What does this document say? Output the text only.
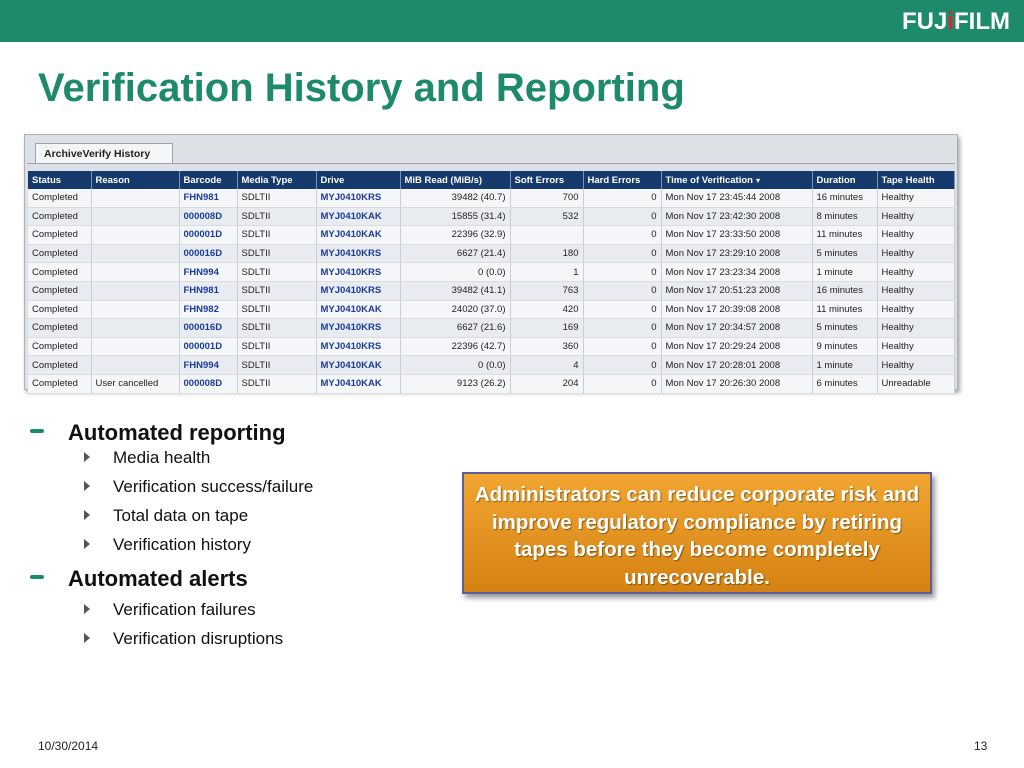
FUJiFILM
Verification History and Reporting
ArchiveVerify History
Status	Reason	Barcode	Media Type	Drive	MiB Read (MiB/s)	Soft Errors	Hard Errors	Time of Verification ▾	Duration	Tape Health
Completed		FHN981	SDLTII	MYJ0410KRS	39482 (40.7)	700	0	Mon Nov 17 23:45:44 2008	16 minutes	Healthy
Completed		000008D	SDLTII	MYJ0410KAK	15855 (31.4)	532	0	Mon Nov 17 23:42:30 2008	8 minutes	Healthy
Completed		000001D	SDLTII	MYJ0410KAK	22396 (32.9)		0	Mon Nov 17 23:33:50 2008	11 minutes	Healthy
Completed		000016D	SDLTII	MYJ0410KRS	6627 (21.4)	180	0	Mon Nov 17 23:29:10 2008	5 minutes	Healthy
Completed		FHN994	SDLTII	MYJ0410KRS	0 (0.0)	1	0	Mon Nov 17 23:23:34 2008	1 minute	Healthy
Completed		FHN981	SDLTII	MYJ0410KRS	39482 (41.1)	763	0	Mon Nov 17 20:51:23 2008	16 minutes	Healthy
Completed		FHN982	SDLTII	MYJ0410KAK	24020 (37.0)	420	0	Mon Nov 17 20:39:08 2008	11 minutes	Healthy
Completed		000016D	SDLTII	MYJ0410KRS	6627 (21.6)	169	0	Mon Nov 17 20:34:57 2008	5 minutes	Healthy
Completed		000001D	SDLTII	MYJ0410KRS	22396 (42.7)	360	0	Mon Nov 17 20:29:24 2008	9 minutes	Healthy
Completed		FHN994	SDLTII	MYJ0410KAK	0 (0.0)	4	0	Mon Nov 17 20:28:01 2008	1 minute	Healthy
Completed	User cancelled	000008D	SDLTII	MYJ0410KAK	9123 (26.2)	204	0	Mon Nov 17 20:26:30 2008	6 minutes	Unreadable
Automated reporting
Media health
Verification success/failure
Total data on tape
Verification history
Automated alerts
Verification failures
Verification disruptions
Administrators can reduce corporate risk and improve regulatory compliance by retiring tapes before they become completely unrecoverable.
10/30/2014	13
